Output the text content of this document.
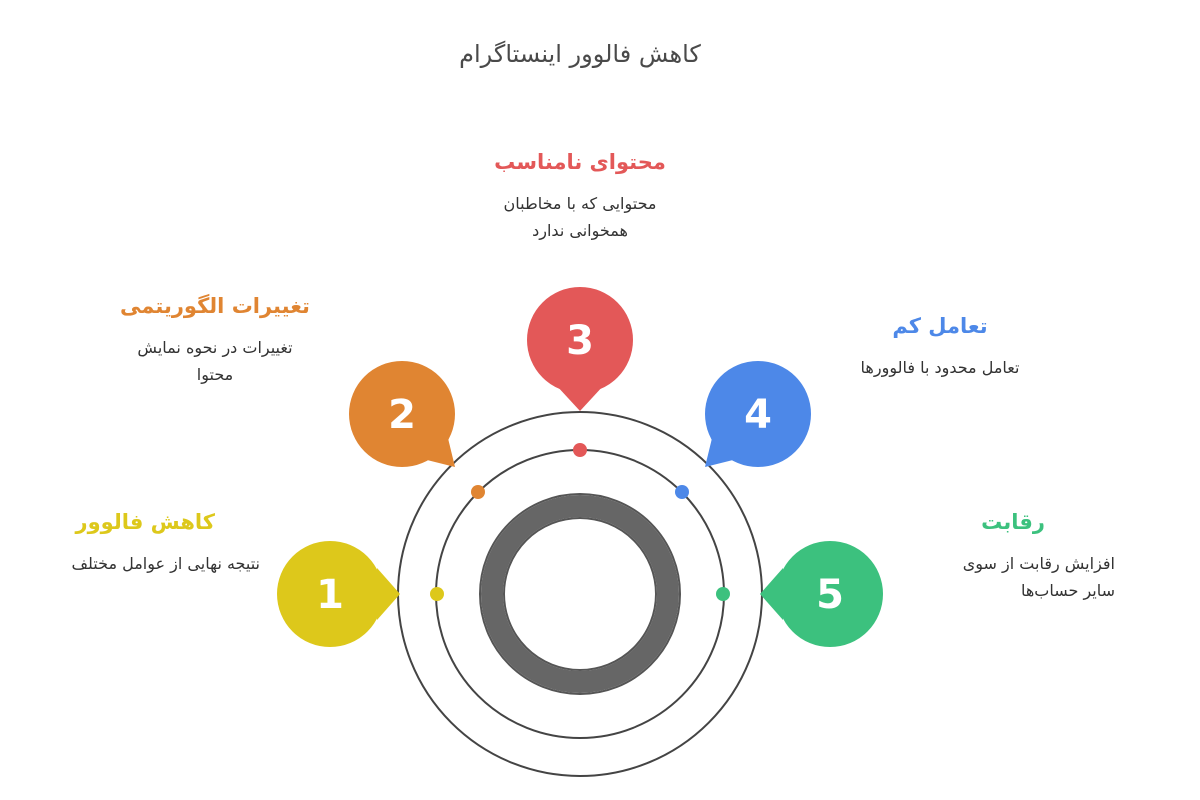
کاهش فالوور اینستاگرام
1
2
3
4
5
کاهش فالوور
نتیجه نهایی از عوامل مختلف
تغییرات الگوریتمی
تغییرات در نحوه نمایش محتوا
محتوای نامناسب
محتوایی که با مخاطبان همخوانی ندارد
تعامل کم
تعامل محدود با فالوورها
رقابت
افزایش رقابت از سوی سایر حساب‌ها
